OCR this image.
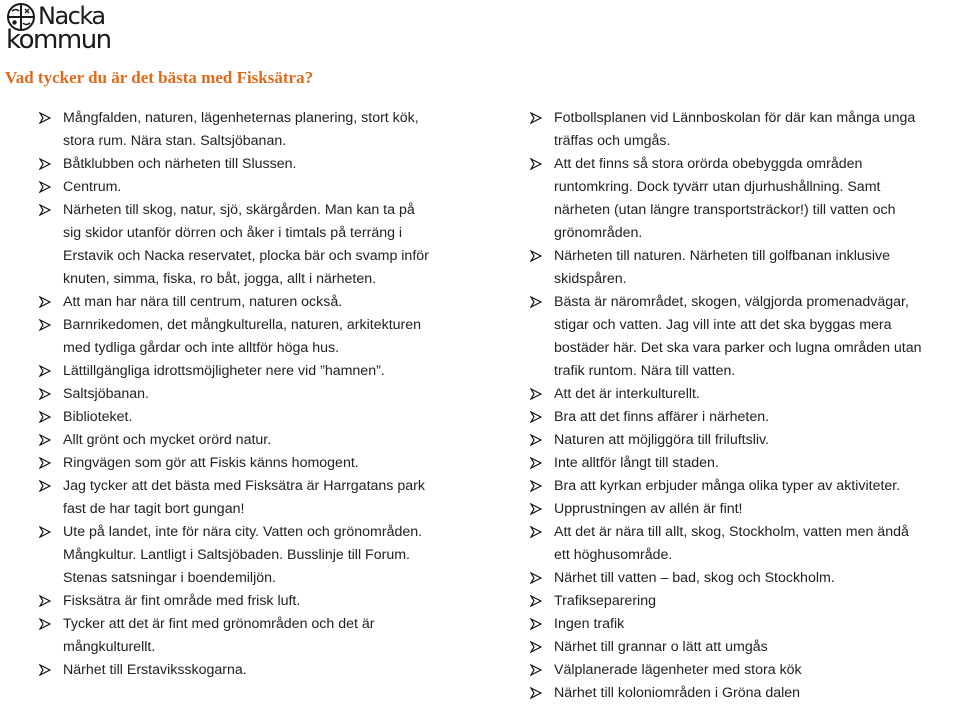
Nacka
kommun
Vad tycker du är det bästa med Fisksätra?
Mångfalden, naturen, lägenheternas planering, stort kök,
stora rum. Nära stan. Saltsjöbanan.
Båtklubben och närheten till Slussen.
Centrum.
Närheten till skog, natur, sjö, skärgården. Man kan ta på
sig skidor utanför dörren och åker i timtals på terräng i
Erstavik och Nacka reservatet, plocka bär och svamp inför
knuten, simma, fiska, ro båt, jogga, allt i närheten.
Att man har nära till centrum, naturen också.
Barnrikedomen, det mångkulturella, naturen, arkitekturen
med tydliga gårdar och inte alltför höga hus.
Lättillgängliga idrottsmöjligheter nere vid ”hamnen”.
Saltsjöbanan.
Biblioteket.
Allt grönt och mycket orörd natur.
Ringvägen som gör att Fiskis känns homogent.
Jag tycker att det bästa med Fisksätra är Harrgatans park
fast de har tagit bort gungan!
Ute på landet, inte för nära city. Vatten och grönområden.
Mångkultur. Lantligt i Saltsjöbaden. Busslinje till Forum.
Stenas satsningar i boendemiljön.
Fisksätra är fint område med frisk luft.
Tycker att det är fint med grönområden och det är
mångkulturellt.
Närhet till Erstaviksskogarna.
Fotbollsplanen vid Lännboskolan för där kan många unga
träffas och umgås.
Att det finns så stora orörda obebyggda områden
runtomkring. Dock tyvärr utan djurhushållning. Samt
närheten (utan längre transportsträckor!) till vatten och
grönområden.
Närheten till naturen. Närheten till golfbanan inklusive
skidspåren.
Bästa är närområdet, skogen, välgjorda promenadvägar,
stigar och vatten. Jag vill inte att det ska byggas mera
bostäder här. Det ska vara parker och lugna områden utan
trafik runtom. Nära till vatten.
Att det är interkulturellt.
Bra att det finns affärer i närheten.
Naturen att möjliggöra till friluftsliv.
Inte alltför långt till staden.
Bra att kyrkan erbjuder många olika typer av aktiviteter.
Upprustningen av allén är fint!
Att det är nära till allt, skog, Stockholm, vatten men ändå
ett höghusområde.
Närhet till vatten – bad, skog och Stockholm.
Trafikseparering
Ingen trafik
Närhet till grannar o lätt att umgås
Välplanerade lägenheter med stora kök
Närhet till koloniområden i Gröna dalen
